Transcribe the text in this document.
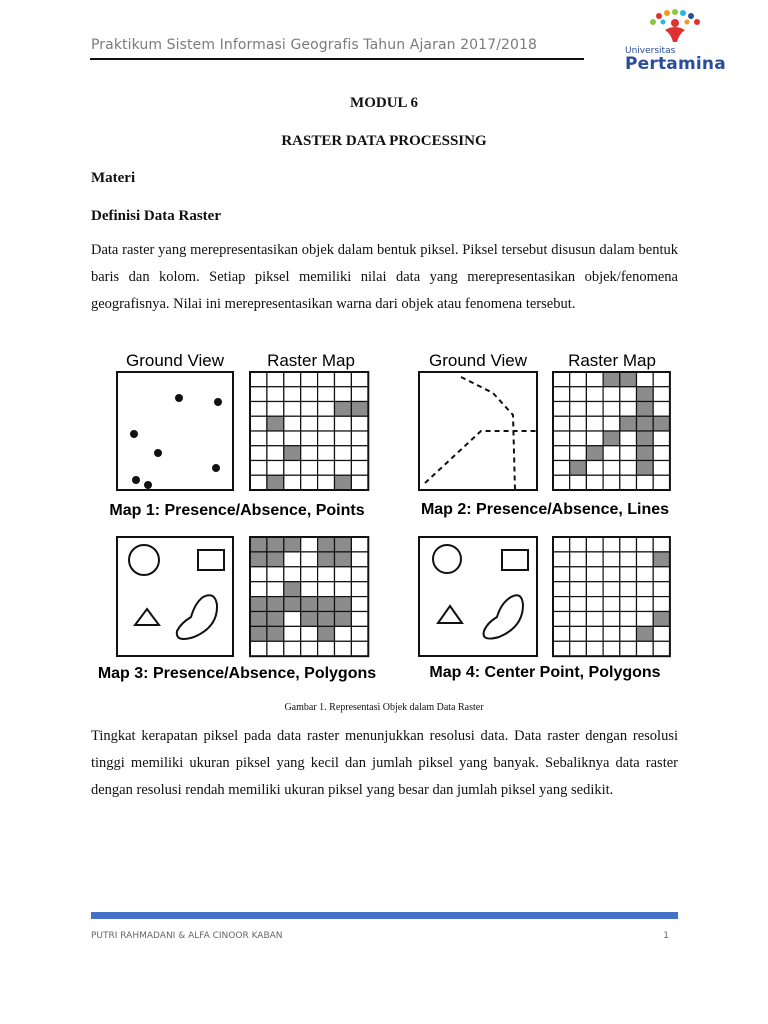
Praktikum Sistem Informasi Geografis Tahun Ajaran 2017/2018	Universitas
Pertamina
MODUL 6
RASTER DATA PROCESSING
Materi
Definisi Data Raster
Data raster yang merepresentasikan objek dalam bentuk piksel. Piksel tersebut disusun dalam bentuk baris dan kolom. Setiap piksel memiliki nilai data yang merepresentasikan objek/fenomena geografisnya. Nilai ini merepresentasikan warna dari objek atau fenomena tersebut.
Ground View	Raster Map	Ground View Raster Map
Map 1: Presence/Absence, Points	Map 2: Presence/Absence, Lines
Map 3: Presence/Absence, Polygons	Map 4: Center Point, Polygons
Gambar 1. Representasi Objek dalam Data Raster
Tingkat kerapatan piksel pada data raster menunjukkan resolusi data. Data raster dengan resolusi tinggi memiliki ukuran piksel yang kecil dan jumlah piksel yang banyak. Sebaliknya data raster dengan resolusi rendah memiliki ukuran piksel yang besar dan jumlah piksel yang sedikit.
PUTRI RAHMADANI & ALFA CINOOR KABAN	1
